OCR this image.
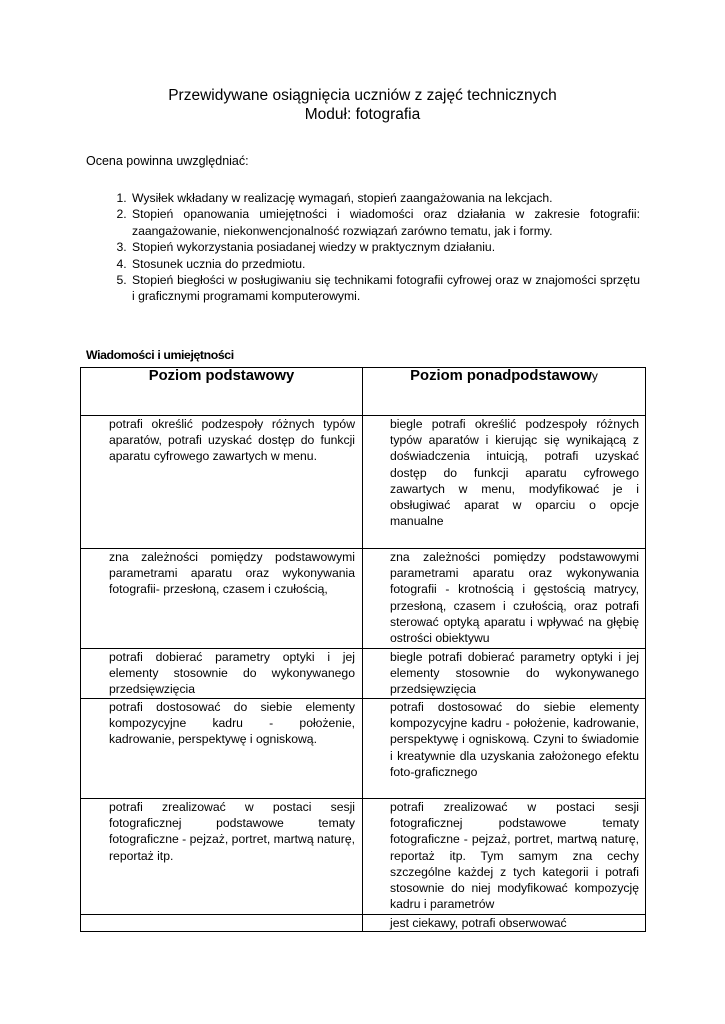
Przewidywane osiągnięcia uczniów z zajęć technicznych
Moduł: fotografia
Ocena powinna uwzględniać:
1. Wysiłek wkładany w realizację wymagań, stopień zaangażowania na lekcjach.
2. Stopień opanowania umiejętności i wiadomości oraz działania w zakresie fotografii: zaangażowanie, niekonwencjonalność rozwiązań zarówno tematu, jak i formy.
3. Stopień wykorzystania posiadanej wiedzy w praktycznym działaniu.
4. Stosunek ucznia do przedmiotu.
5. Stopień biegłości w posługiwaniu się technikami fotografii cyfrowej oraz w znajomości sprzętu i graficznymi programami komputerowymi.
Wiadomości i umiejętności
Poziom podstawowy	Poziom ponadpodstawowy

potrafi określić podzespoły różnych typów aparatów, potrafi uzyskać dostęp do funkcji aparatu cyfrowego zawartych w menu.	biegle potrafi określić podzespoły różnych typów aparatów i kierując się wynikającą z doświadczenia intuicją, potrafi uzyskać dostęp do funkcji aparatu cyfrowego zawartych w menu, modyfikować je i obsługiwać aparat w oparciu o opcje manualne

zna zależności pomiędzy podstawowymi parametrami aparatu oraz wykonywania fotografii- przesłoną, czasem i czułością,	zna zależności pomiędzy podstawowymi parametrami aparatu oraz wykonywania fotografii - krotnością i gęstością matrycy, przesłoną, czasem i czułością, oraz potrafi sterować optyką aparatu i wpływać na głębię ostrości obiektywu

potrafi dobierać parametry optyki i jej elementy stosownie do wykonywanego przedsięwzięcia	biegle potrafi dobierać parametry optyki i jej elementy stosownie do wykonywanego przedsięwzięcia

potrafi dostosować do siebie elementy kompozycyjne kadru - położenie, kadrowanie, perspektywę i ogniskową.	potrafi dostosować do siebie elementy kompozycyjne kadru - położenie, kadrowanie, perspektywę i ogniskową. Czyni to świadomie i kreatywnie dla uzyskania założonego efektu foto-graficznego

potrafi zrealizować w postaci sesji fotograficznej podstawowe tematy fotograficzne - pejzaż, portret, martwą naturę, reportaż itp.	potrafi zrealizować w postaci sesji fotograficznej podstawowe tematy fotograficzne - pejzaż, portret, martwą naturę, reportaż itp. Tym samym zna cechy szczególne każdej z tych kategorii i potrafi stosownie do niej modyfikować kompozycję kadru i parametrów

	jest ciekawy, potrafi obserwować
